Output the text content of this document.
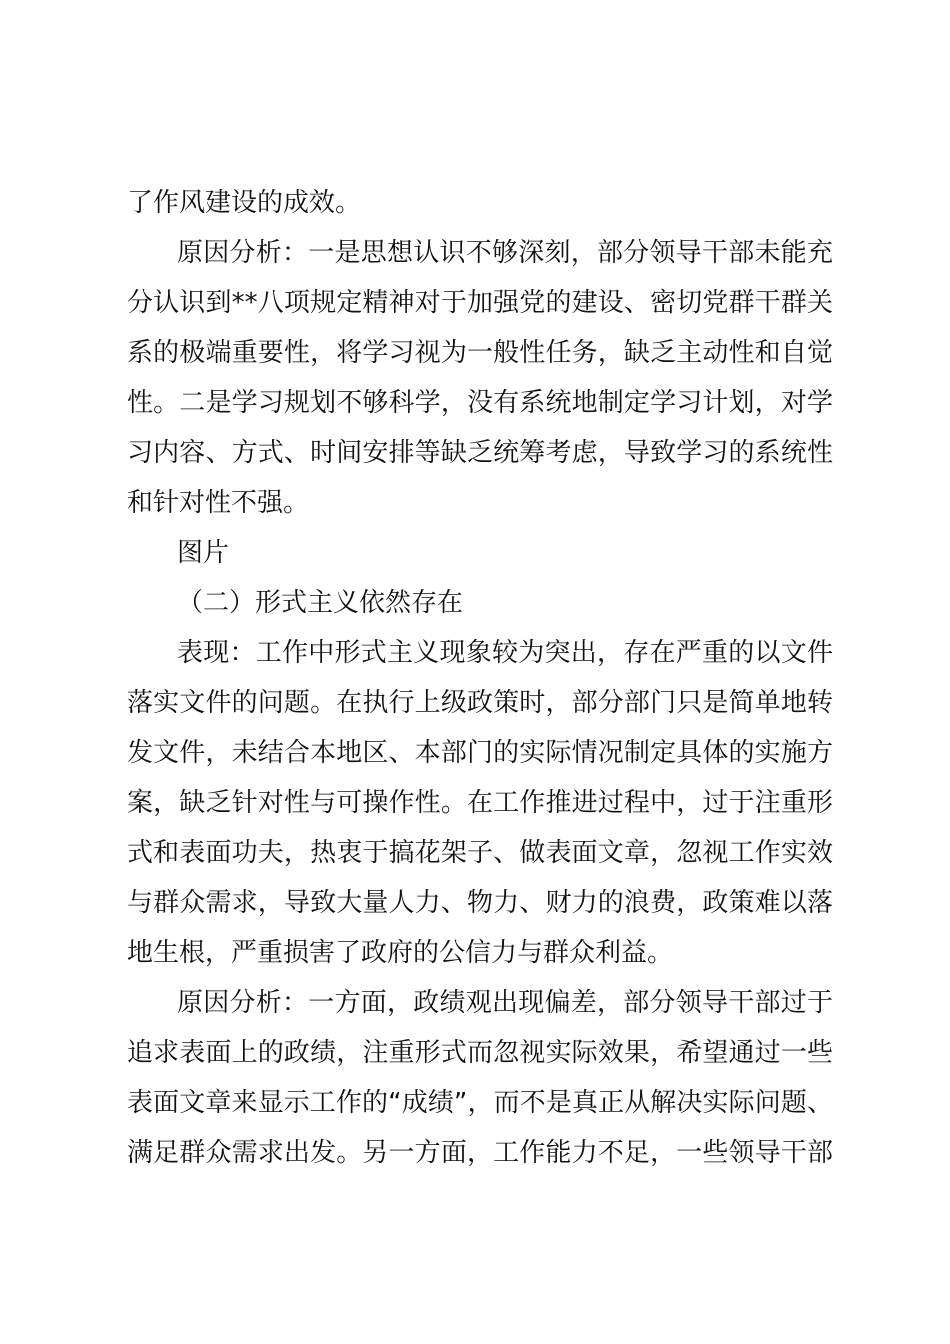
了作风建设的成效。
原因分析：一是思想认识不够深刻，部分领导干部未能充
分认识到**八项规定精神对于加强党的建设、密切党群干群关
系的极端重要性，将学习视为一般性任务，缺乏主动性和自觉
性。二是学习规划不够科学，没有系统地制定学习计划，对学
习内容、方式、时间安排等缺乏统筹考虑，导致学习的系统性
和针对性不强。
图片
（二）形式主义依然存在
表现：工作中形式主义现象较为突出，存在严重的以文件
落实文件的问题。在执行上级政策时，部分部门只是简单地转
发文件，未结合本地区、本部门的实际情况制定具体的实施方
案，缺乏针对性与可操作性。在工作推进过程中，过于注重形
式和表面功夫，热衷于搞花架子、做表面文章，忽视工作实效
与群众需求，导致大量人力、物力、财力的浪费，政策难以落
地生根，严重损害了政府的公信力与群众利益。
原因分析：一方面，政绩观出现偏差，部分领导干部过于
追求表面上的政绩，注重形式而忽视实际效果，希望通过一些
表面文章来显示工作的“成绩”，而不是真正从解决实际问题、
满足群众需求出发。另一方面，工作能力不足，一些领导干部
